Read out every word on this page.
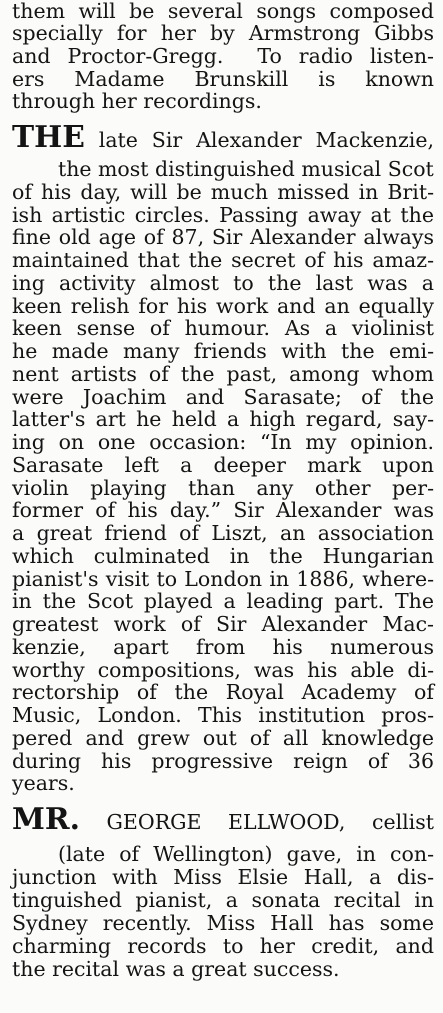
them will be several songs composed
specially for her by Armstrong Gibbs
and Proctor-Gregg.  To radio listen-
ers Madame Brunskill is known
through her recordings.
THE late Sir Alexander Mackenzie,
the most distinguished musical Scot
of his day, will be much missed in Brit-
ish artistic circles. Passing away at the
fine old age of 87, Sir Alexander always
maintained that the secret of his amaz-
ing activity almost to the last was a
keen relish for his work and an equally
keen sense of humour. As a violinist
he made many friends with the emi-
nent artists of the past, among whom
were Joachim and Sarasate; of the
latter's art he held a high regard, say-
ing on one occasion: “In my opinion.
Sarasate left a deeper mark upon
violin playing than any other per-
former of his day.” Sir Alexander was
a great friend of Liszt, an association
which culminated in the Hungarian
pianist's visit to London in 1886, where-
in the Scot played a leading part. The
greatest work of Sir Alexander Mac-
kenzie, apart from his numerous
worthy compositions, was his able di-
rectorship of the Royal Academy of
Music, London. This institution pros-
pered and grew out of all knowledge
during his progressive reign of 36
years.
MR. GEORGE ELLWOOD, cellist
(late of Wellington) gave, in con-
junction with Miss Elsie Hall, a dis-
tinguished pianist, a sonata recital in
Sydney recently. Miss Hall has some
charming records to her credit, and
the recital was a great success.
